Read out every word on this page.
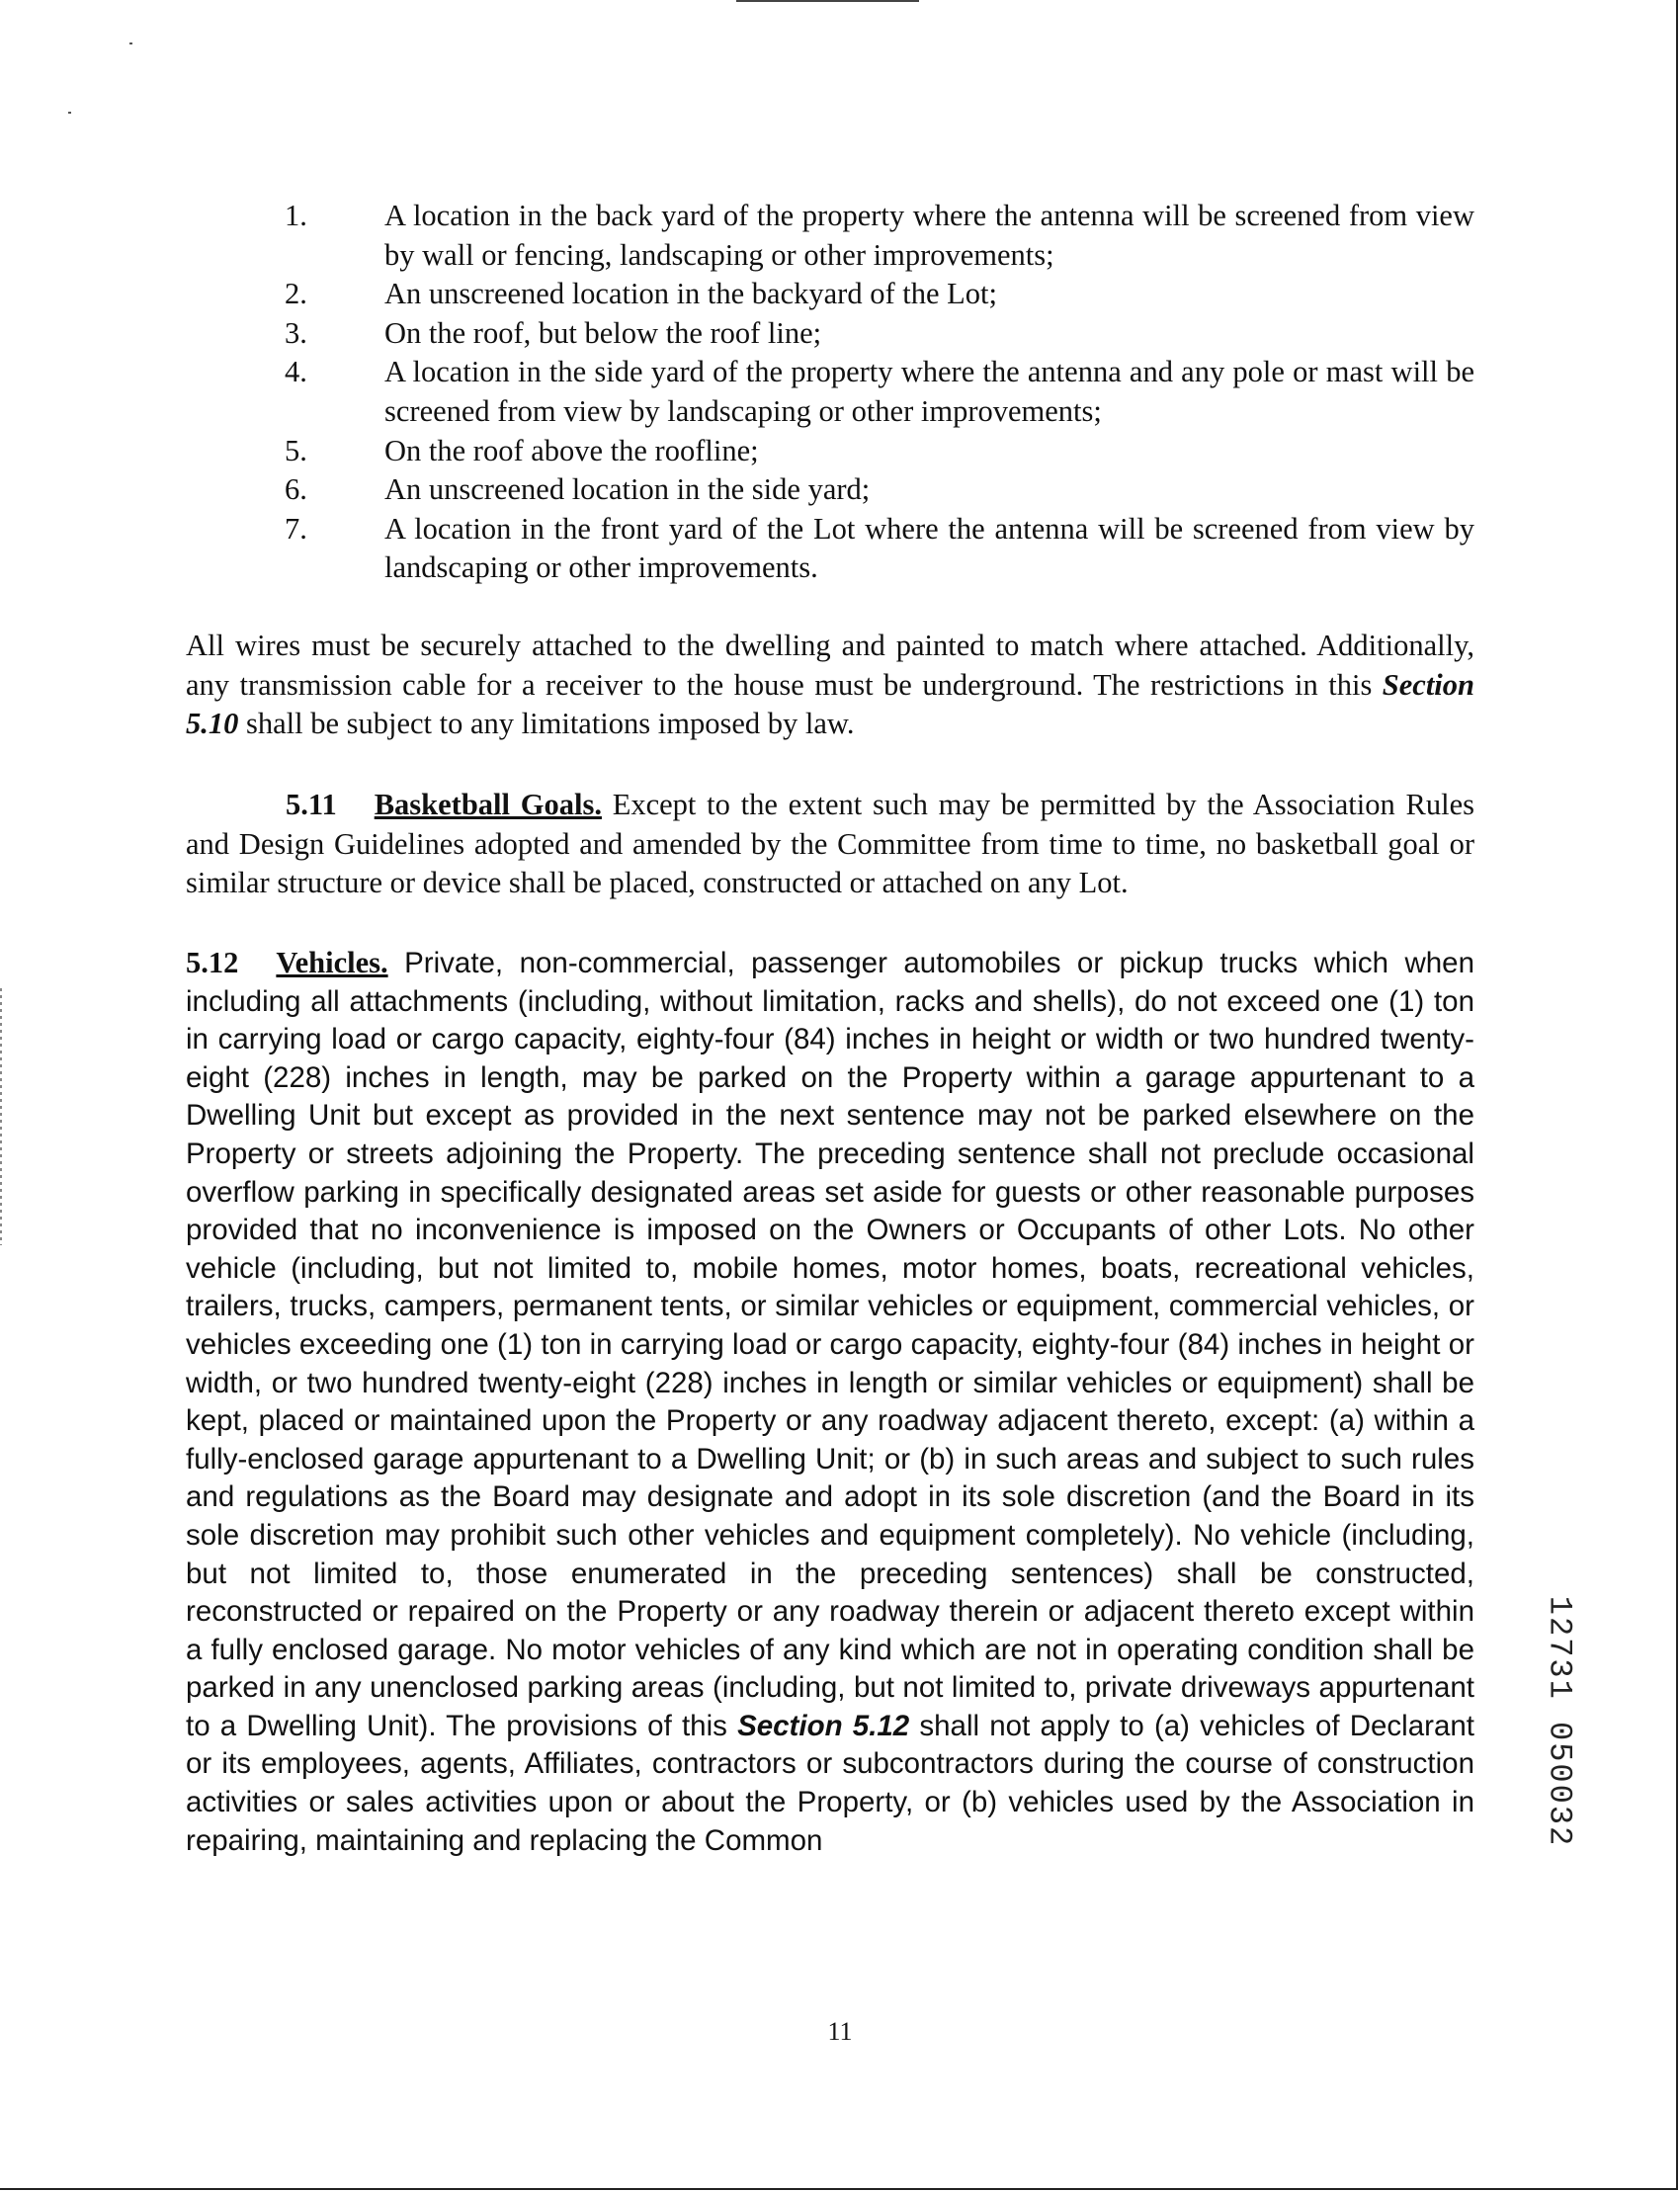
1.	A location in the back yard of the property where the antenna will be screened from view by wall or fencing, landscaping or other improvements;
2.	An unscreened location in the backyard of the Lot;
3.	On the roof, but below the roof line;
4.	A location in the side yard of the property where the antenna and any pole or mast will be screened from view by landscaping or other improvements;
5.	On the roof above the roofline;
6.	An unscreened location in the side yard;
7.	A location in the front yard of the Lot where the antenna will be screened from view by landscaping or other improvements.

All wires must be securely attached to the dwelling and painted to match where attached. Additionally, any transmission cable for a receiver to the house must be underground. The restrictions in this Section 5.10 shall be subject to any limitations imposed by law.

5.11 Basketball Goals. Except to the extent such may be permitted by the Association Rules and Design Guidelines adopted and amended by the Committee from time to time, no basketball goal or similar structure or device shall be placed, constructed or attached on any Lot.

5.12 Vehicles. Private, non-commercial, passenger automobiles or pickup trucks which when including all attachments (including, without limitation, racks and shells), do not exceed one (1) ton in carrying load or cargo capacity, eighty-four (84) inches in height or width or two hundred twenty-eight (228) inches in length, may be parked on the Property within a garage appurtenant to a Dwelling Unit but except as provided in the next sentence may not be parked elsewhere on the Property or streets adjoining the Property. The preceding sentence shall not preclude occasional overflow parking in specifically designated areas set aside for guests or other reasonable purposes provided that no inconvenience is imposed on the Owners or Occupants of other Lots. No other vehicle (including, but not limited to, mobile homes, motor homes, boats, recreational vehicles, trailers, trucks, campers, permanent tents, or similar vehicles or equipment, commercial vehicles, or vehicles exceeding one (1) ton in carrying load or cargo capacity, eighty-four (84) inches in height or width, or two hundred twenty-eight (228) inches in length or similar vehicles or equipment) shall be kept, placed or maintained upon the Property or any roadway adjacent thereto, except: (a) within a fully-enclosed garage appurtenant to a Dwelling Unit; or (b) in such areas and subject to such rules and regulations as the Board may designate and adopt in its sole discretion (and the Board in its sole discretion may prohibit such other vehicles and equipment completely). No vehicle (including, but not limited to, those enumerated in the preceding sentences) shall be constructed, reconstructed or repaired on the Property or any roadway therein or adjacent thereto except within a fully enclosed garage. No motor vehicles of any kind which are not in operating condition shall be parked in any unenclosed parking areas (including, but not limited to, private driveways appurtenant to a Dwelling Unit). The provisions of this Section 5.12 shall not apply to (a) vehicles of Declarant or its employees, agents, Affiliates, contractors or subcontractors during the course of construction activities or sales activities upon or about the Property, or (b) vehicles used by the Association in repairing, maintaining and replacing the Common

11
12731 050032
